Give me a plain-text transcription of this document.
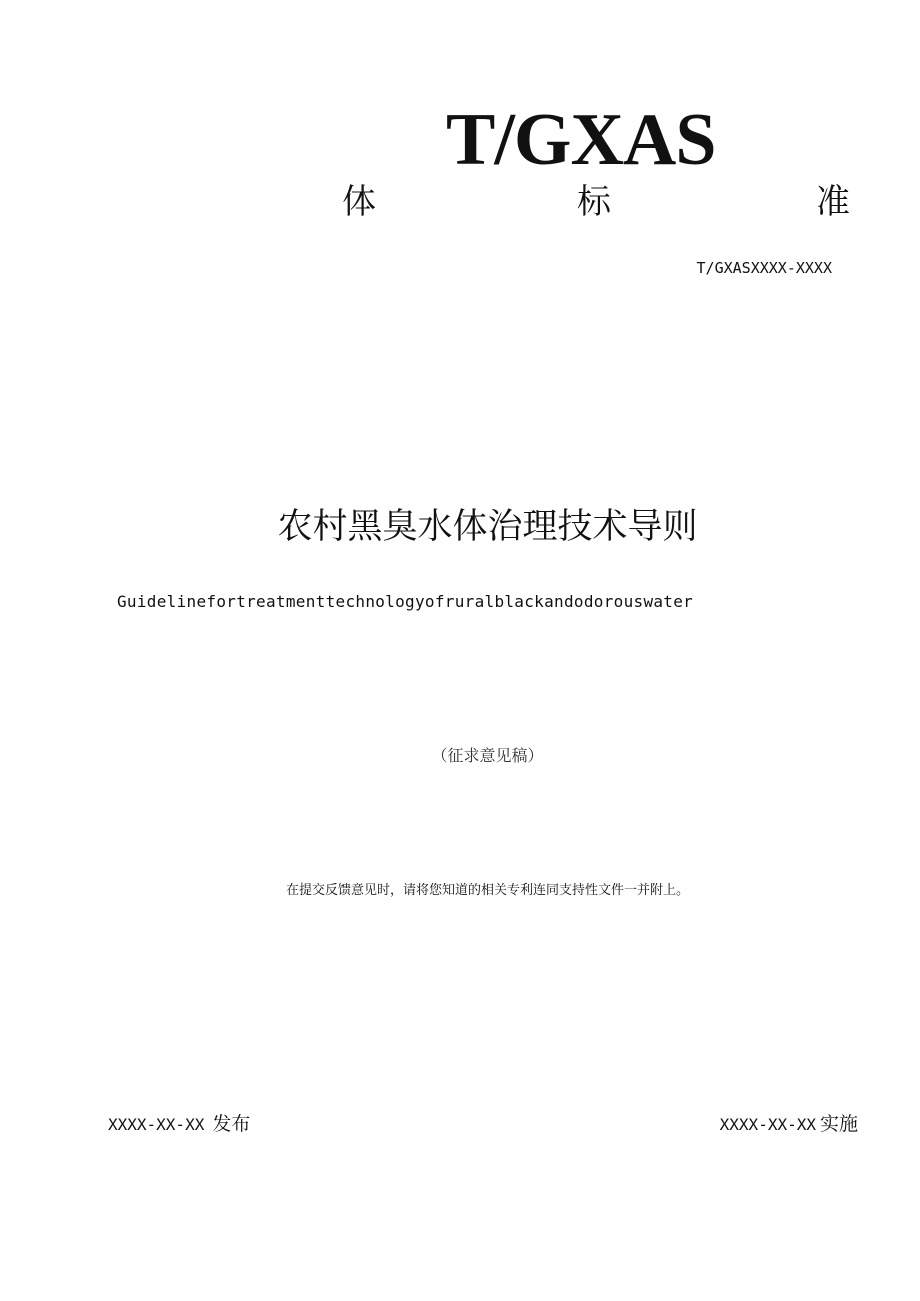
T/GXAS
体	标	准
T/GXASXXXX-XXXX
农村黑臭水体治理技术导则
Guidelinefortreatmenttechnologyofruralblackandodorouswater
（征求意见稿）
在提交反馈意见时，请将您知道的相关专利连同支持性文件一并附上。
XXXX-XX-XX 发布	XXXX-XX-XX 实施
